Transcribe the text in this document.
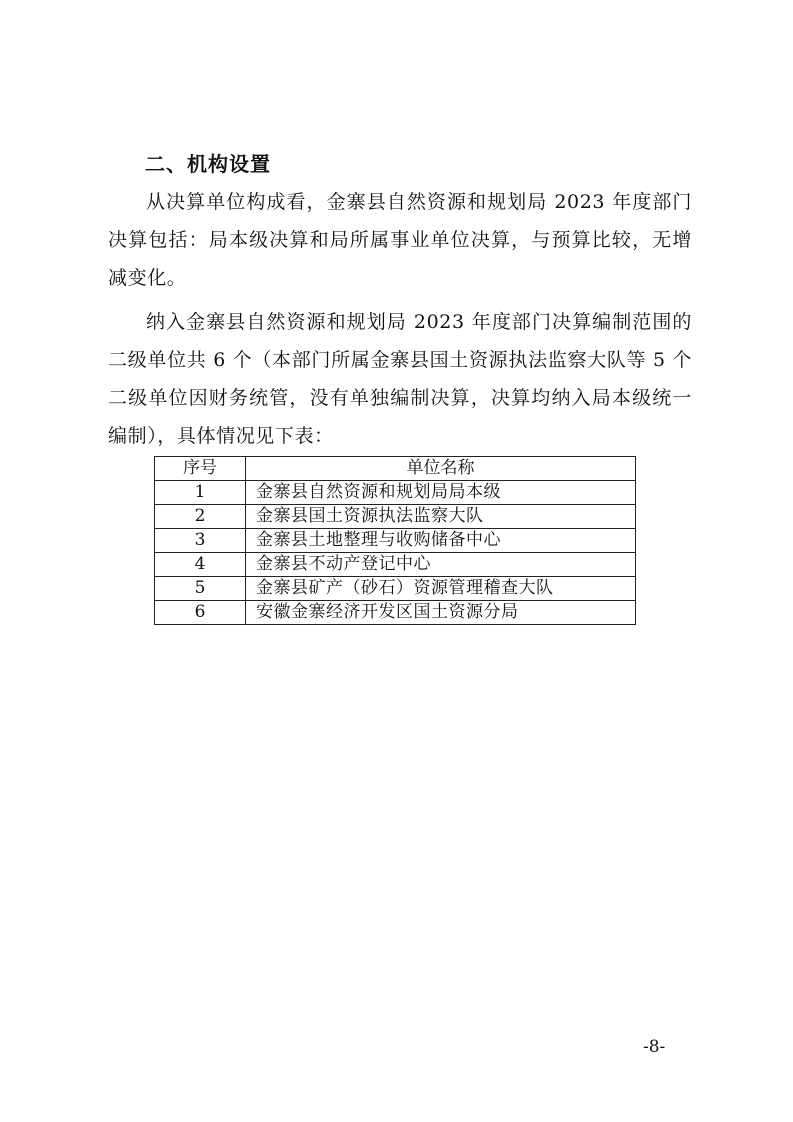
二、机构设置

从决算单位构成看，金寨县自然资源和规划局 2023 年度部门决算包括：局本级决算和局所属事业单位决算，与预算比较，无增减变化。

纳入金寨县自然资源和规划局 2023 年度部门决算编制范围的二级单位共 6 个（本部门所属金寨县国土资源执法监察大队等 5 个二级单位因财务统管，没有单独编制决算，决算均纳入局本级统一编制），具体情况见下表：

序号	单位名称
1	金寨县自然资源和规划局局本级
2	金寨县国土资源执法监察大队
3	金寨县土地整理与收购储备中心
4	金寨县不动产登记中心
5	金寨县矿产（砂石）资源管理稽查大队
6	安徽金寨经济开发区国土资源分局
-8-
